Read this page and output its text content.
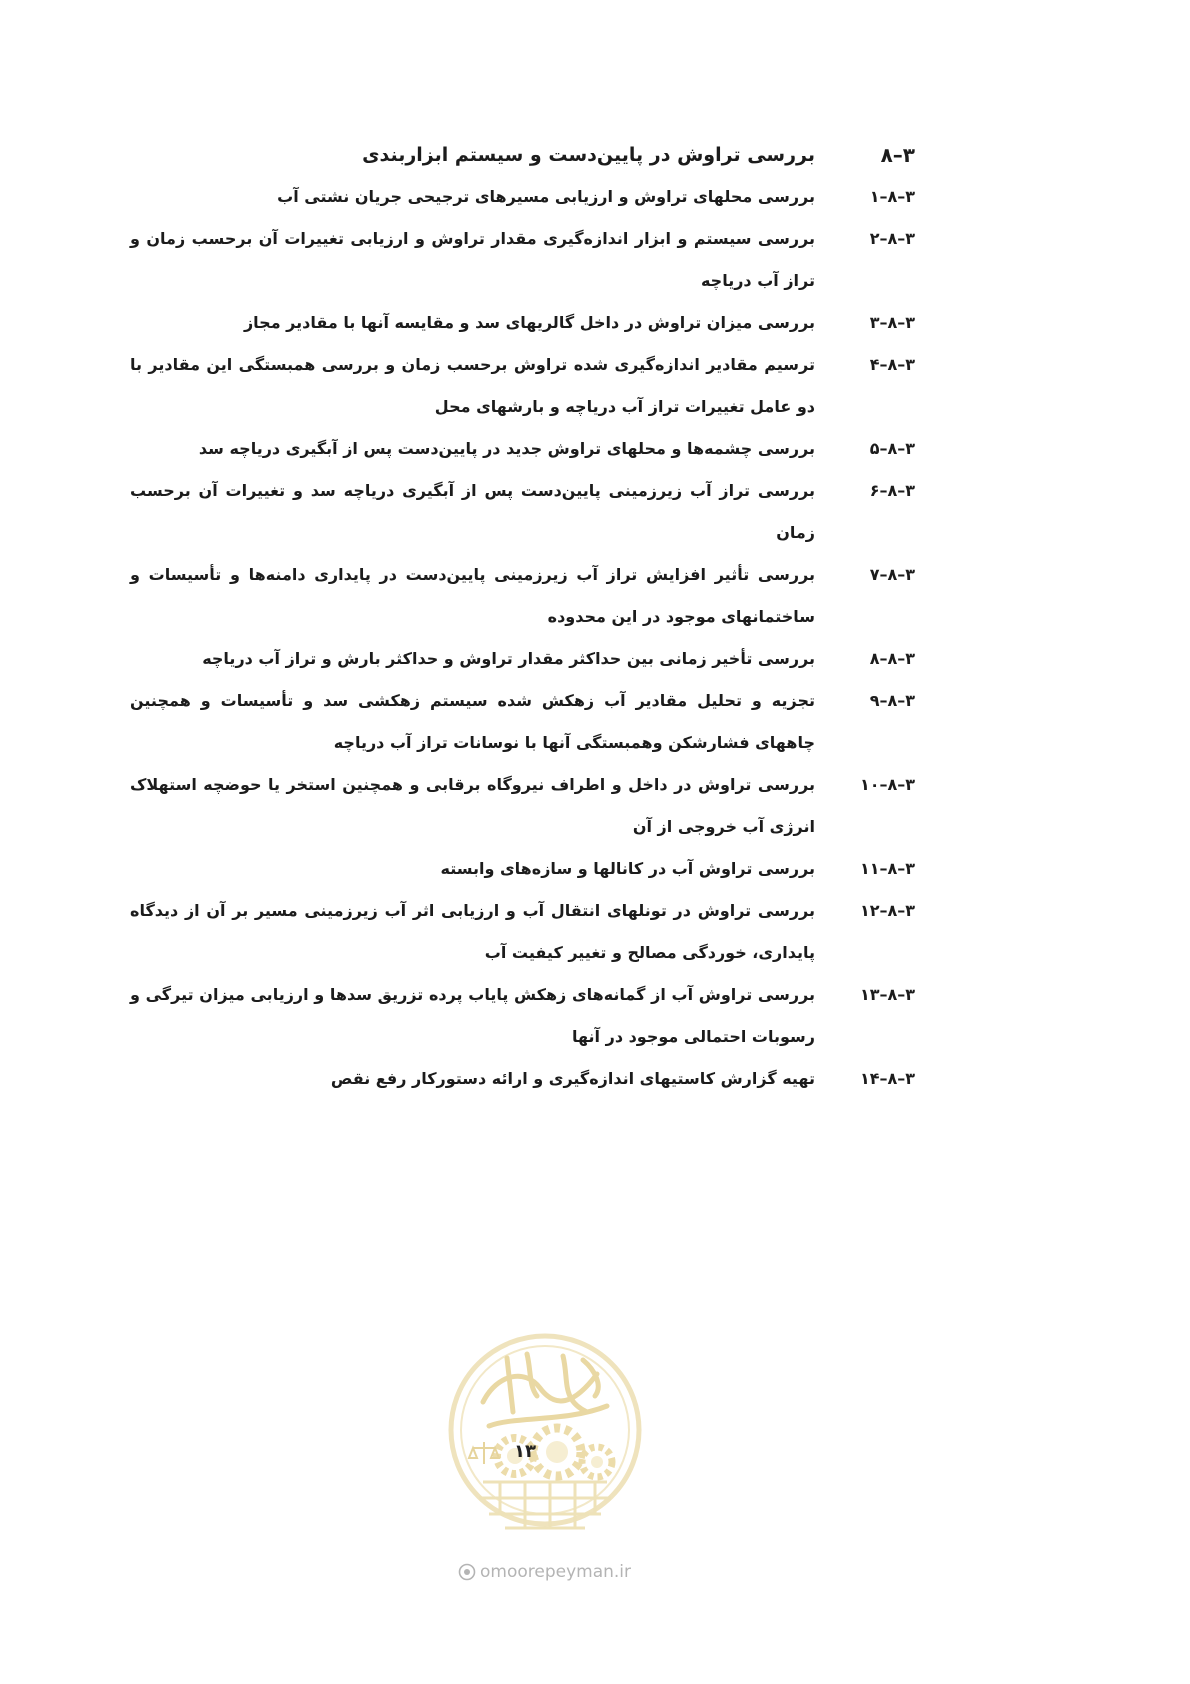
۳–۸
بررسی تراوش در پایین‌دست و سیستم ابزاربندی
۳–۸–۱
بررسی محلهای تراوش و ارزیابی مسیرهای ترجیحی جریان نشتی آب
۳–۸–۲
بررسی سیستم و ابزار اندازه‌گیری مقدار تراوش و ارزیابی تغییرات آن برحسب زمان و تراز آب دریاچه
۳–۸–۳
بررسی میزان تراوش در داخل گالریهای سد و مقایسه آنها با مقادیر مجاز
۳–۸–۴
ترسیم مقادیر اندازه‌گیری شده تراوش برحسب زمان و بررسی همبستگی این مقادیر با دو عامل تغییرات تراز آب دریاچه و بارشهای محل
۳–۸–۵
بررسی چشمه‌ها و محلهای تراوش جدید در پایین‌دست پس از آبگیری دریاچه سد
۳–۸–۶
بررسی تراز آب زیرزمینی پایین‌دست پس از آبگیری دریاچه سد و تغییرات آن برحسب زمان
۳–۸–۷
بررسی تأثیر افزایش تراز آب زیرزمینی پایین‌دست در پایداری دامنه‌ها و تأسیسات و ساختمانهای موجود در این محدوده
۳–۸–۸
بررسی تأخیر زمانی بین حداکثر مقدار تراوش و حداکثر بارش و تراز آب دریاچه
۳–۸–۹
تجزیه و تحلیل مقادیر آب زهکش شده سیستم زهکشی سد و تأسیسات و همچنین چاههای فشارشکن وهمبستگی آنها با نوسانات تراز آب دریاچه
۳–۸–۱۰
بررسی تراوش در داخل و اطراف نیروگاه برقابی و همچنین استخر یا حوضچه استهلاک انرژی آب خروجی از آن
۳–۸–۱۱
بررسی تراوش آب در کانالها و سازه‌های وابسته
۳–۸–۱۲
بررسی تراوش در تونلهای انتقال آب و ارزیابی اثر آب زیرزمینی مسیر بر آن از دیدگاه پایداری، خوردگی مصالح و تغییر کیفیت آب
۳–۸–۱۳
بررسی تراوش آب از گمانه‌های زهکش پایاب پرده تزریق سدها و ارزیابی میزان تیرگی و رسوبات احتمالی موجود در آنها
۳–۸–۱۴
تهیه گزارش کاستیهای اندازه‌گیری و ارائه دستورکار رفع نقص
۱۳
omoorepeyman.ir
